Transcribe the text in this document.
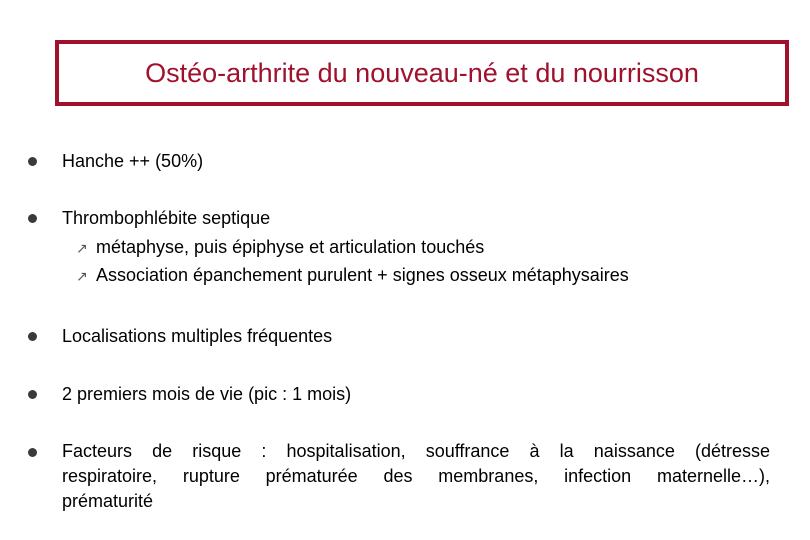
Ostéo-arthrite du nouveau-né et du nourrisson
Hanche ++ (50%)
Thrombophlébite septique
↗ métaphyse, puis épiphyse et articulation touchés
↗ Association épanchement purulent + signes osseux métaphysaires
Localisations multiples fréquentes
2 premiers mois de vie (pic : 1 mois)
Facteurs de risque : hospitalisation, souffrance à la naissance (détresse
respiratoire, rupture prématurée des membranes, infection maternelle…),
prématurité
